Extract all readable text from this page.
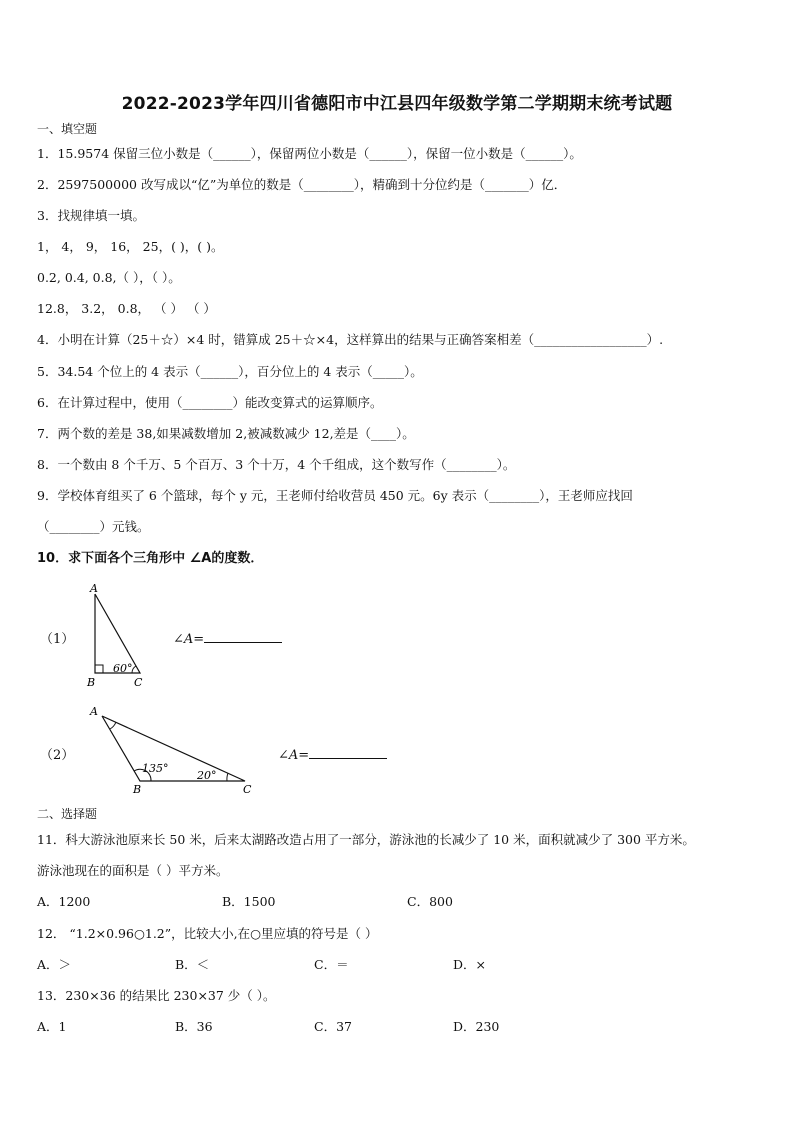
2022-2023学年四川省德阳市中江县四年级数学第二学期期末统考试题
一、填空题
1．15.9574 保留三位小数是（______），保留两位小数是（______），保留一位小数是（______）。
2．2597500000 改写成以“亿”为单位的数是（________），精确到十分位约是（_______）亿．
3．找规律填一填。
1， 4， 9， 16， 25，( )，( )。
0.2, 0.4, 0.8,（ ），（ ）。
12.8， 3.2， 0.8， （ ） （ ）
4．小明在计算（25＋☆）×4 时，错算成 25＋☆×4，这样算出的结果与正确答案相差（__________________）.
5．34.54 个位上的 4 表示（______），百分位上的 4 表示（_____）。
6．在计算过程中，使用（________）能改变算式的运算顺序。
7．两个数的差是 38,如果减数增加 2,被减数减少 12,差是（____）。
8．一个数由 8 个千万、5 个百万、3 个十万，4 个千组成，这个数写作（________）。
9．学校体育组买了 6 个篮球，每个 y 元，王老师付给收营员 450 元。6y 表示（________），王老师应找回
（________）元钱。
10．求下面各个三角形中 ∠A的度数．
（1）
A
B	C
60°
∠A=
（2）
A
B	C
135°
20°
∠A=
二、选择题
11．科大游泳池原来长 50 米，后来太湖路改造占用了一部分，游泳池的长减少了 10 米，面积就减少了 300 平方米。
游泳池现在的面积是（ ）平方米。
A．1200	B．1500	C．800
12． “1.2×0.96○1.2”，比较大小,在○里应填的符号是（ ）
A．＞	B．＜	C．＝	D．×
13．230×36 的结果比 230×37 少（ ）。
A．1	B．36	C．37	D．230
